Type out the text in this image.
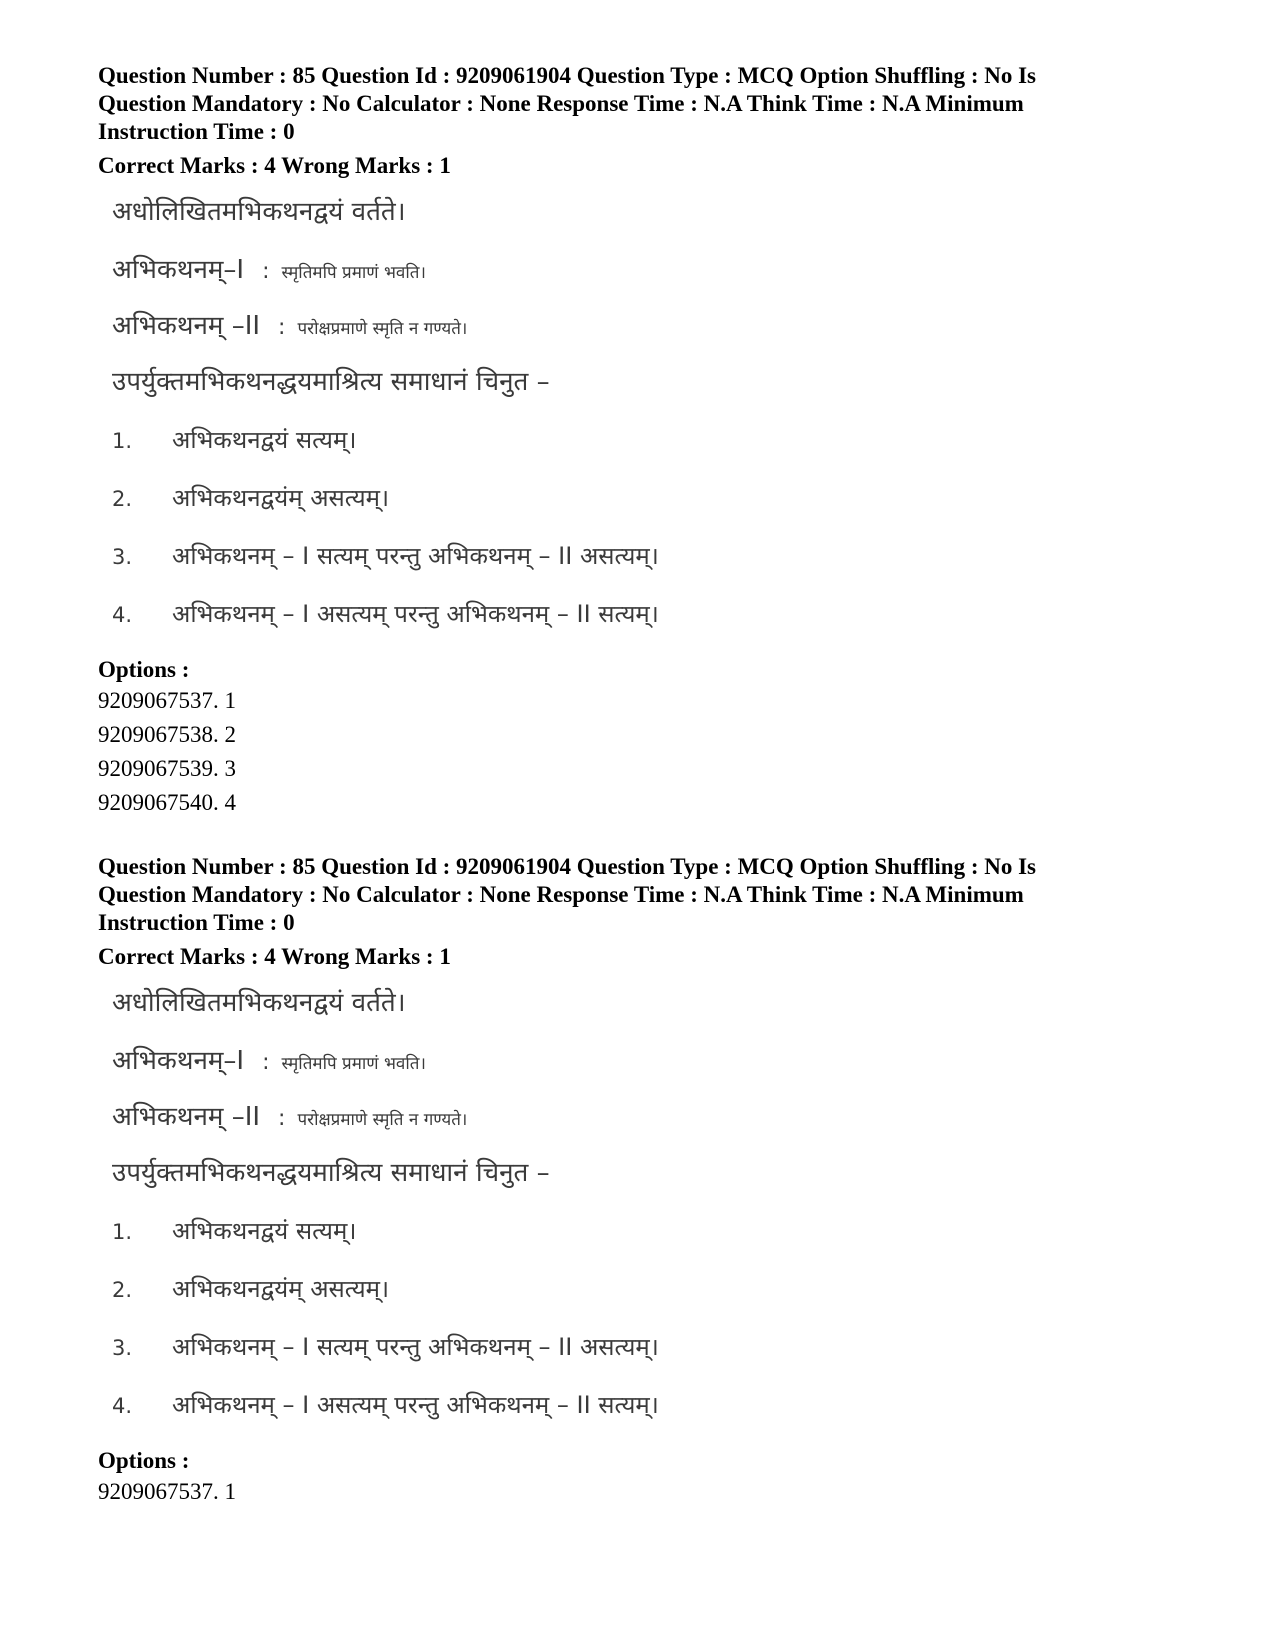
Question Number : 85 Question Id : 9209061904 Question Type : MCQ Option Shuffling : No Is
Question Mandatory : No Calculator : None Response Time : N.A Think Time : N.A Minimum
Instruction Time : 0

Correct Marks : 4 Wrong Marks : 1

अधोलिखितमभिकथनद्वयं वर्तते।
अभिकथनम्–I : स्मृतिमपि प्रमाणं भवति।
अभिकथनम् –II : परोक्षप्रमाणे स्मृति न गण्यते।
उपर्युक्तमभिकथनद्धयमाश्रित्य समाधानं चिनुत –
1. अभिकथनद्वयं सत्यम्।
2. अभिकथनद्वयंम् असत्यम्।
3. अभिकथनम् – I सत्यम् परन्तु अभिकथनम् – II असत्यम्।
4. अभिकथनम् – I असत्यम् परन्तु अभिकथनम् – II सत्यम्।
Options :
9209067537. 1
9209067538. 2
9209067539. 3
9209067540. 4

Question Number : 85 Question Id : 9209061904 Question Type : MCQ Option Shuffling : No Is
Question Mandatory : No Calculator : None Response Time : N.A Think Time : N.A Minimum
Instruction Time : 0

Correct Marks : 4 Wrong Marks : 1

अधोलिखितमभिकथनद्वयं वर्तते।
अभिकथनम्–I : स्मृतिमपि प्रमाणं भवति।
अभिकथनम् –II : परोक्षप्रमाणे स्मृति न गण्यते।
उपर्युक्तमभिकथनद्धयमाश्रित्य समाधानं चिनुत –
1. अभिकथनद्वयं सत्यम्।
2. अभिकथनद्वयंम् असत्यम्।
3. अभिकथनम् – I सत्यम् परन्तु अभिकथनम् – II असत्यम्।
4. अभिकथनम् – I असत्यम् परन्तु अभिकथनम् – II सत्यम्।
Options :
9209067537. 1
